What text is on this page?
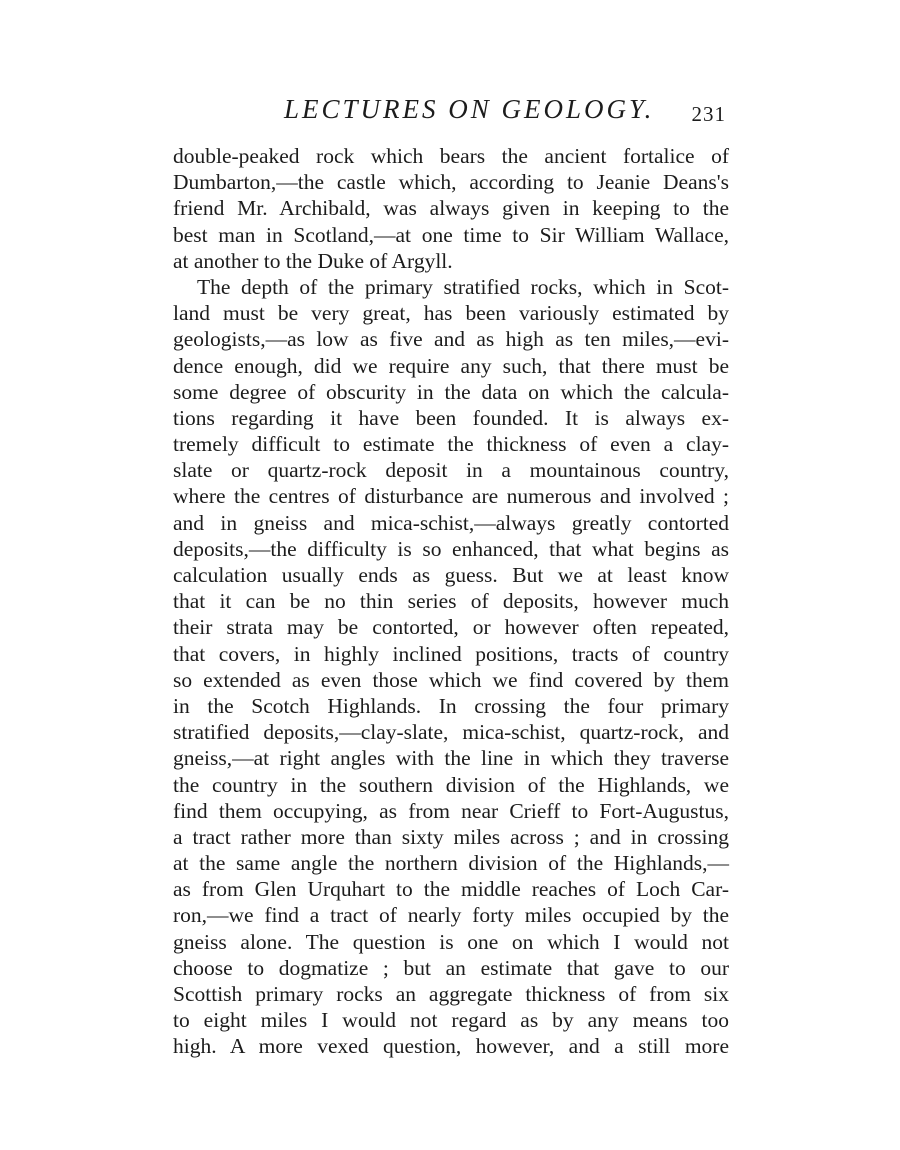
LECTURES ON GEOLOGY. 231
double-peaked rock which bears the ancient fortalice of
Dumbarton,—the castle which, according to Jeanie Deans's
friend Mr. Archibald, was always given in keeping to the
best man in Scotland,—at one time to Sir William Wallace,
at another to the Duke of Argyll.
The depth of the primary stratified rocks, which in Scot-
land must be very great, has been variously estimated by
geologists,—as low as five and as high as ten miles,—evi-
dence enough, did we require any such, that there must be
some degree of obscurity in the data on which the calcula-
tions regarding it have been founded. It is always ex-
tremely difficult to estimate the thickness of even a clay-
slate or quartz-rock deposit in a mountainous country,
where the centres of disturbance are numerous and involved ;
and in gneiss and mica-schist,—always greatly contorted
deposits,—the difficulty is so enhanced, that what begins as
calculation usually ends as guess. But we at least know
that it can be no thin series of deposits, however much
their strata may be contorted, or however often repeated,
that covers, in highly inclined positions, tracts of country
so extended as even those which we find covered by them
in the Scotch Highlands. In crossing the four primary
stratified deposits,—clay-slate, mica-schist, quartz-rock, and
gneiss,—at right angles with the line in which they traverse
the country in the southern division of the Highlands, we
find them occupying, as from near Crieff to Fort-Augustus,
a tract rather more than sixty miles across ; and in crossing
at the same angle the northern division of the Highlands,—
as from Glen Urquhart to the middle reaches of Loch Car-
ron,—we find a tract of nearly forty miles occupied by the
gneiss alone. The question is one on which I would not
choose to dogmatize ; but an estimate that gave to our
Scottish primary rocks an aggregate thickness of from six
to eight miles I would not regard as by any means too
high. A more vexed question, however, and a still more
